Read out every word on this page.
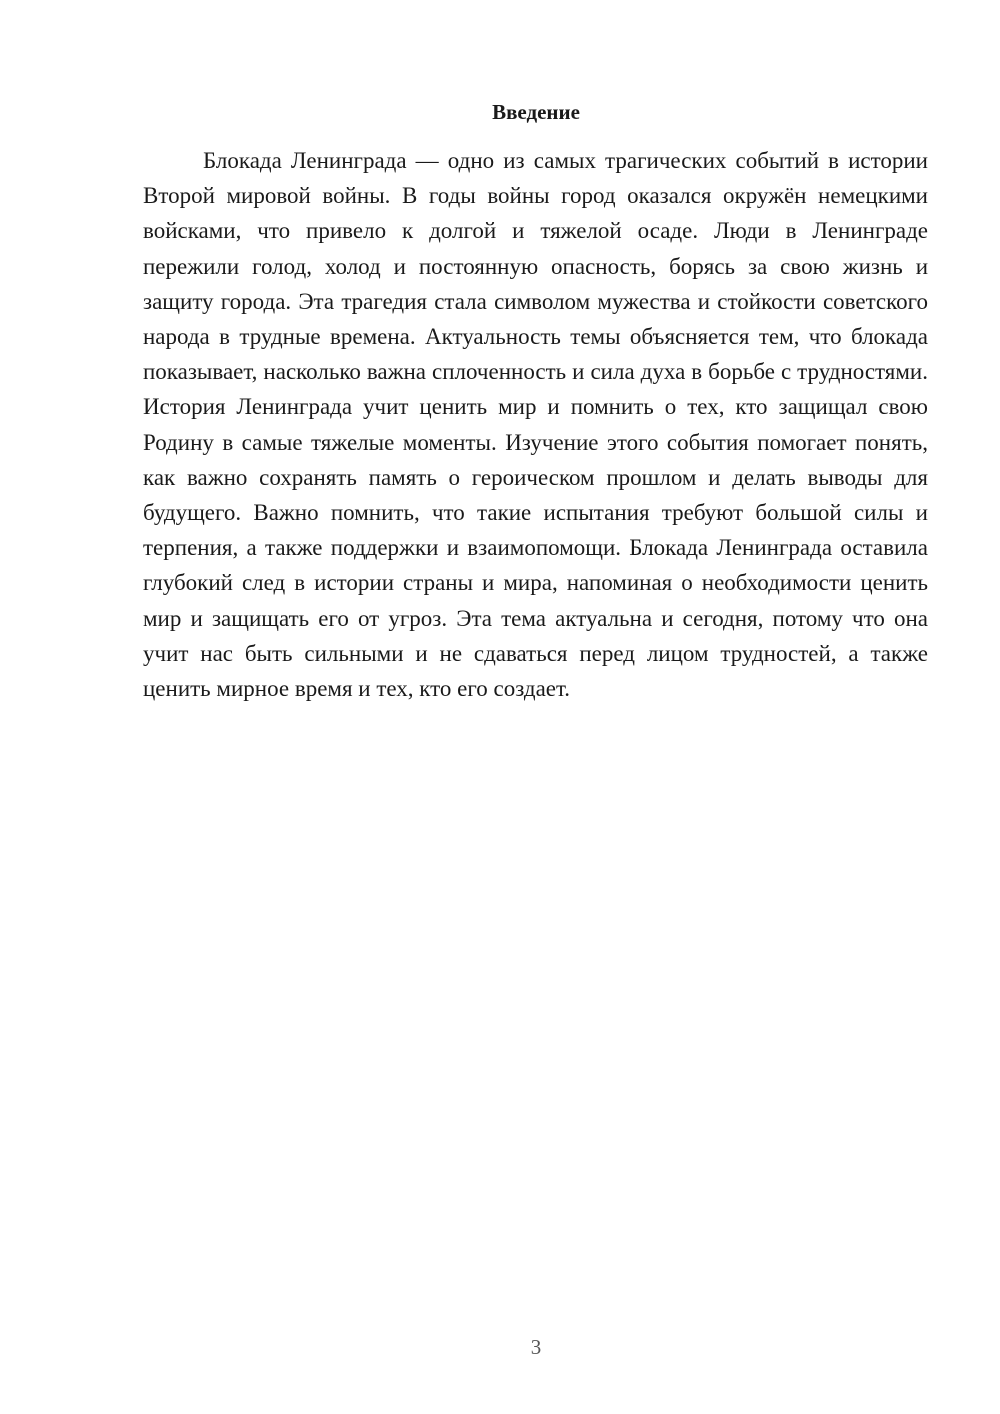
Введение

Блокада Ленинграда — одно из самых трагических событий в истории Второй мировой войны. В годы войны город оказался окружён немецкими войсками, что привело к долгой и тяжелой осаде. Люди в Ленинграде пережили голод, холод и постоянную опасность, борясь за свою жизнь и защиту города. Эта трагедия стала символом мужества и стойкости советского народа в трудные времена. Актуальность темы объясняется тем, что блокада показывает, насколько важна сплоченность и сила духа в борьбе с трудностями. История Ленинграда учит ценить мир и помнить о тех, кто защищал свою Родину в самые тяжелые моменты. Изучение этого события помогает понять, как важно сохранять память о героическом прошлом и делать выводы для будущего. Важно помнить, что такие испытания требуют большой силы и терпения, а также поддержки и взаимопомощи. Блокада Ленинграда оставила глубокий след в истории страны и мира, напоминая о необходимости ценить мир и защищать его от угроз. Эта тема актуальна и сегодня, потому что она учит нас быть сильными и не сдаваться перед лицом трудностей, а также ценить мирное время и тех, кто его создает.

3
